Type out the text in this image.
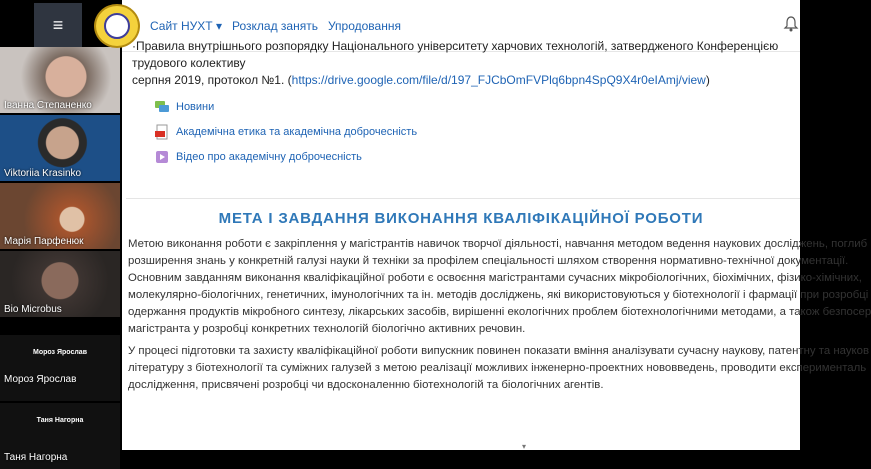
Іванна Степаненко
Viktoriia Krasinko
Марія Парфенюк
Bio Microbus
Мороз Ярослав
Мороз Ярослав
Таня Нагорна
Таня Нагорна
≡	Сайт НУХТ ▾ Розклад занять Упродовання
·Правила внутрішнього розпорядку Національного університету харчових технологій, затвердженого Конференцією трудового колективу
серпня 2019, протокол №1. (https://drive.google.com/file/d/197_FJCbOmFVPlq6bpn4SpQ9X4r0eIAmj/view)
Новини
Академічна етика та академічна доброчесність
Відео про академічну доброчесність
МЕТА І ЗАВДАННЯ ВИКОНАННЯ КВАЛІФІКАЦІЙНОЇ РОБОТИ
Метою виконання роботи є закріплення у магістрантів навичок творчої діяльності, навчання методом ведення наукових досліджень, поглиб
розширення знань у конкретній галузі науки й техніки за профілем спеціальності шляхом створення нормативно-технічної документації.
Основним завданням виконання кваліфікаційної роботи є освоєння магістрантами сучасних мікробіологічних, біохімічних, фізико-хімічних,
молекулярно-біологічних, генетичних, імунологічних та ін. методів досліджень, які використовуються у біотехнології і фармації при розробці
одержання продуктів мікробного синтезу, лікарських засобів, вирішенні екологічних проблем біотехнологічними методами, а також безпосер
магістранта у розробці конкретних технологій біологічно активних речовин.
У процесі підготовки та захисту кваліфікаційної роботи випускник повинен показати вміння аналізувати сучасну наукову, патентну та науков
літературу з біотехнології та суміжних галузей з метою реалізації можливих інженерно-проектних нововведень, проводити експерименталь
дослідження, присвячені розробці чи вдосконаленню біотехнологій та біологічних агентів.
▾
